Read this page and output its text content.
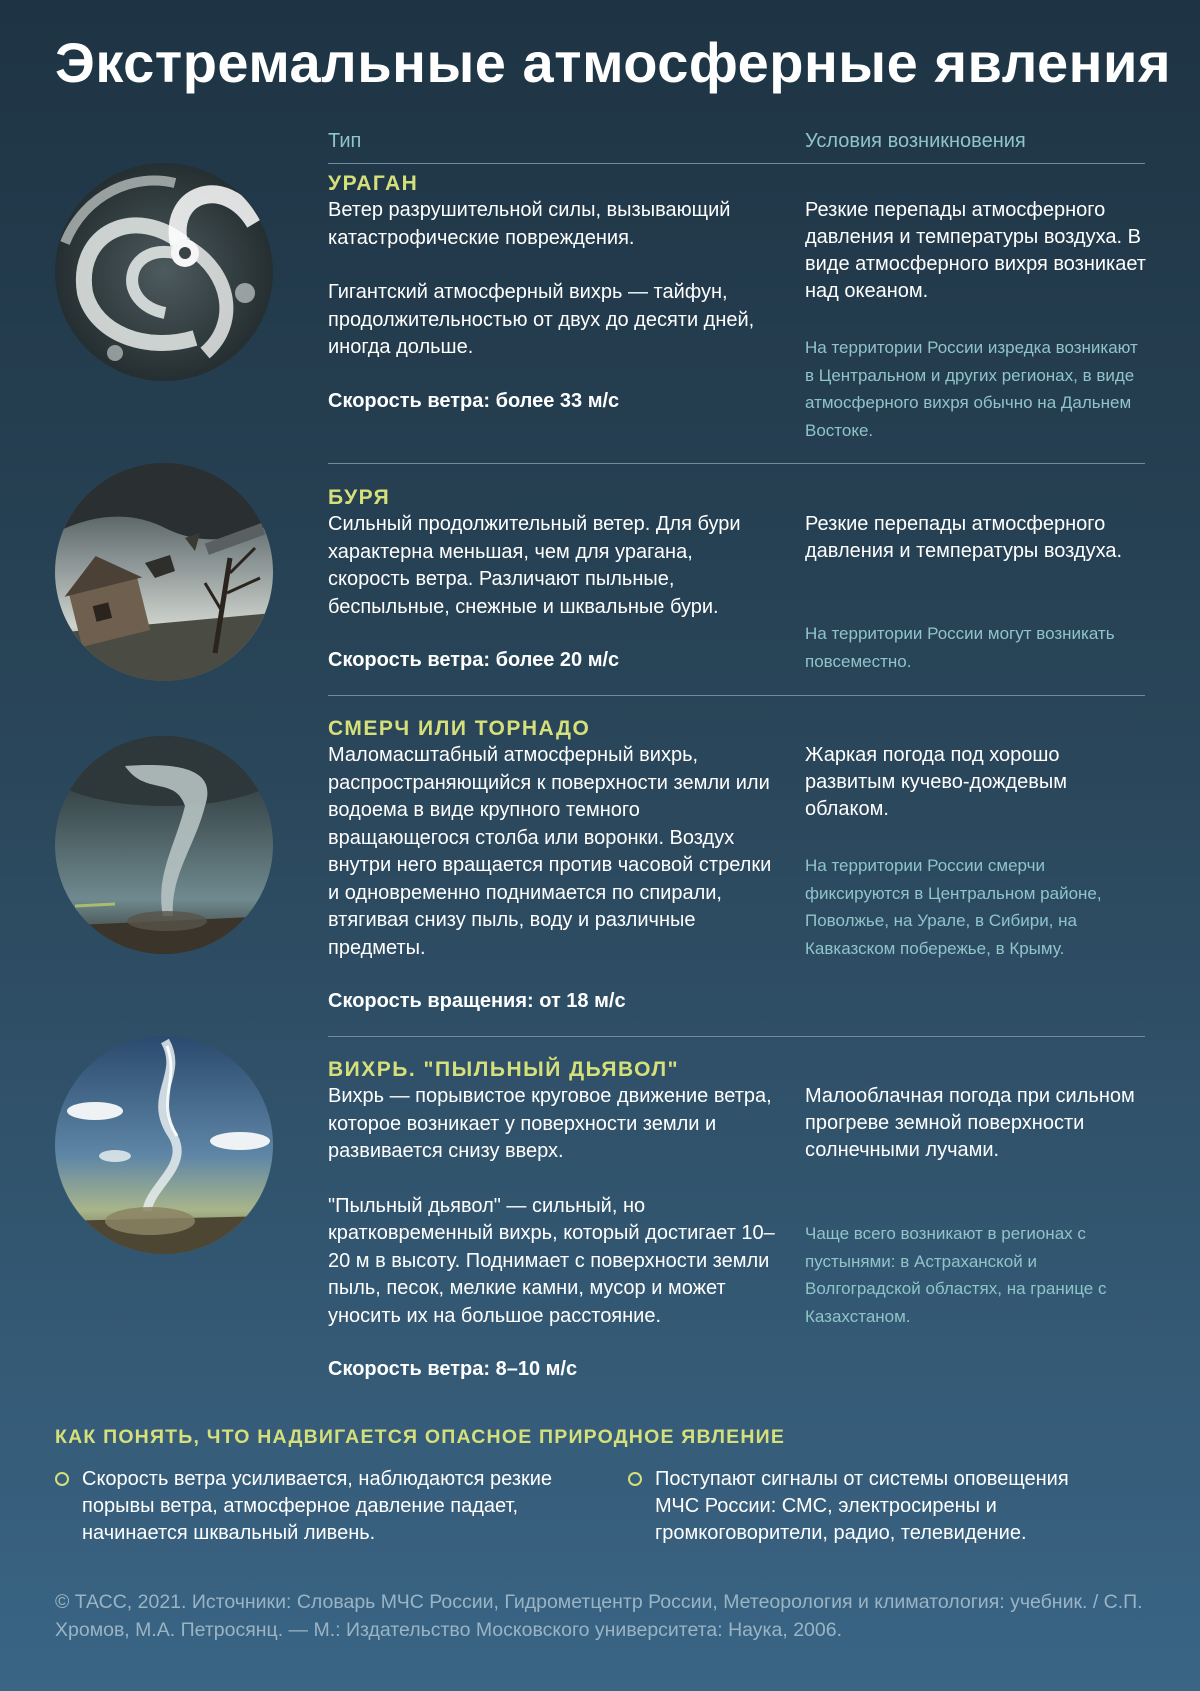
Экстремальные атмосферные явления
Тип	Условия возникновения
УРАГАН

Ветер разрушительной силы, вызывающий катастрофические повреждения.

Гигантский атмосферный вихрь — тайфун, продолжительностью от двух до десяти дней, иногда дольше.

Скорость ветра: более 33 м/с
Резкие перепады атмосферного давления и температуры воздуха. В виде атмосферного вихря возникает над океаном.
На территории России изредка возникают в Центральном и других регионах, в виде атмосферного вихря обычно на Дальнем Востоке.
БУРЯ

Сильный продолжительный ветер. Для бури характерна меньшая, чем для урагана, скорость ветра. Различают пыльные, беспыльные, снежные и шквальные бури.

Скорость ветра: более 20 м/с
Резкие перепады атмосферного давления и температуры воздуха.
На территории России могут возникать повсеместно.
СМЕРЧ ИЛИ ТОРНАДО

Маломасштабный атмосферный вихрь, распространяющийся к поверхности земли или водоема в виде крупного темного вращающегося столба или воронки. Воздух внутри него вращается против часовой стрелки и одновременно поднимается по спирали, втягивая снизу пыль, воду и различные предметы.

Скорость вращения: от 18 м/с
Жаркая погода под хорошо развитым кучево-дождевым облаком.
На территории России смерчи фиксируются в Центральном районе, Поволжье, на Урале, в Сибири, на Кавказском побережье, в Крыму.
ВИХРЬ. "ПЫЛЬНЫЙ ДЬЯВОЛ"

Вихрь — порывистое круговое движение ветра, которое возникает у поверхности земли и развивается снизу вверх.

"Пыльный дьявол" — сильный, но кратковременный вихрь, который достигает 10–20 м в высоту. Поднимает с поверхности земли пыль, песок, мелкие камни, мусор и может уносить их на большое расстояние.

Скорость ветра: 8–10 м/с
Малооблачная погода при сильном прогреве земной поверхности солнечными лучами.
Чаще всего возникают в регионах с пустынями: в Астраханской и Волгоградской областях, на границе с Казахстаном.
КАК ПОНЯТЬ, ЧТО НАДВИГАЕТСЯ ОПАСНОЕ ПРИРОДНОЕ ЯВЛЕНИЕ
Скорость ветра усиливается, наблюдаются резкие порывы ветра, атмосферное давление падает, начинается шквальный ливень.
Поступают сигналы от системы оповещения МЧС России: СМС, электросирены и громкоговорители, радио, телевидение.
© ТАСС, 2021. Источники: Словарь МЧС России, Гидрометцентр России, Метеорология и климатология: учебник. / С.П. Хромов, М.А. Петросянц. — М.: Издательство Московского университета: Наука, 2006.
